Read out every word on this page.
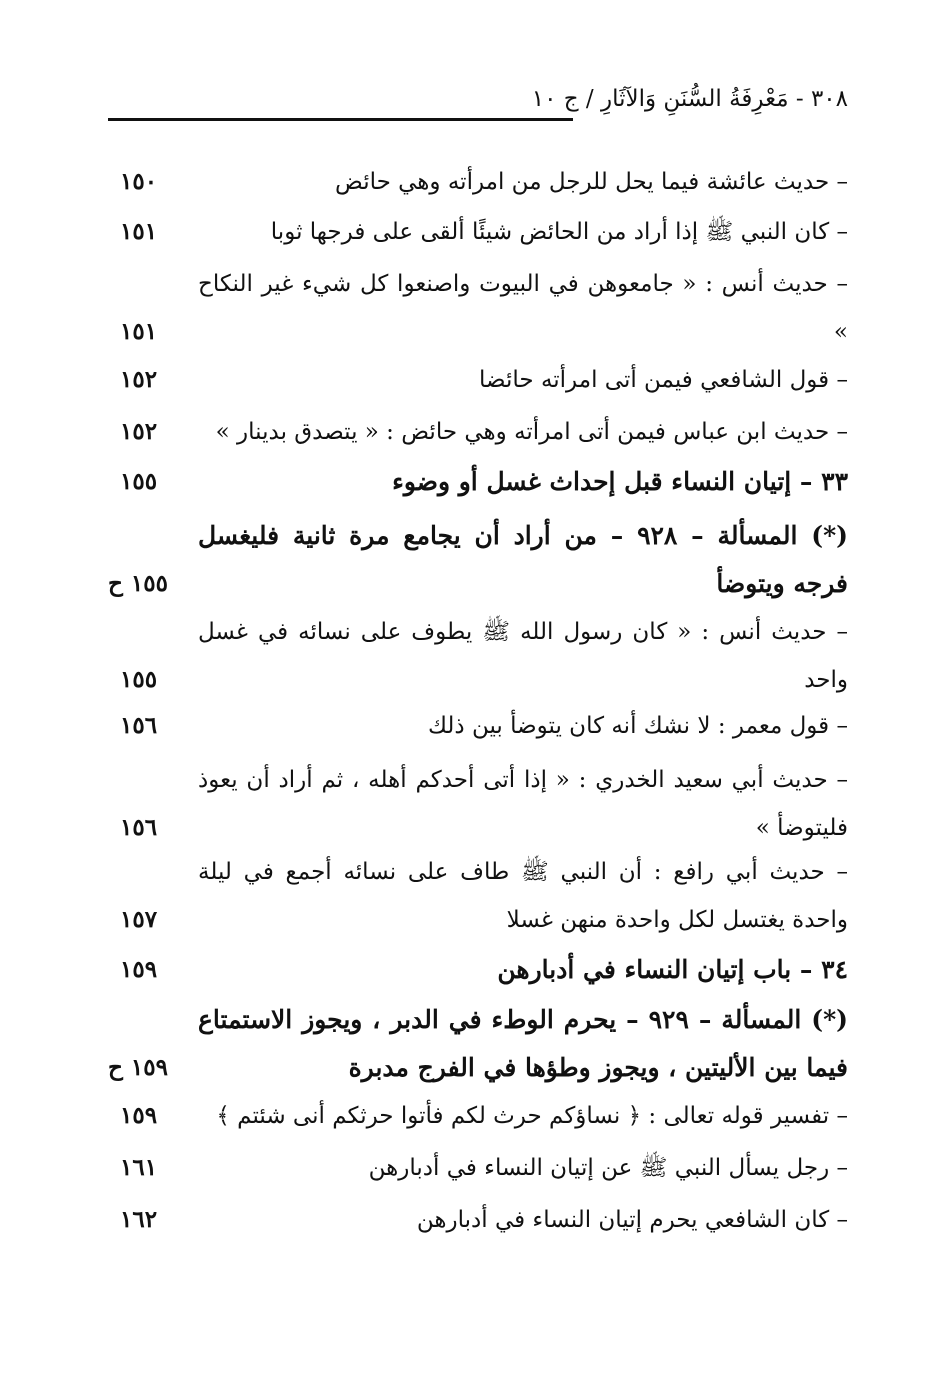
٣٠٨ - مَعْرِفَةُ السُّنَنِ وَالآثَارِ / ج ١٠
– حديث عائشة فيما يحل للرجل من امرأته وهي حائض
١٥٠
– كان النبي ﷺ إذا أراد من الحائض شيئًا ألقى على فرجها ثوبا
١٥١
– حديث أنس : « جامعوهن في البيوت واصنعوا كل شيء غير النكاح »
١٥١
– قول الشافعي فيمن أتى امرأته حائضا
١٥٢
– حديث ابن عباس فيمن أتى امرأته وهي حائض : « يتصدق بدينار »
١٥٢
٣٣ – إتيان النساء قبل إحداث غسل أو وضوء
١٥٥
(*) المسألة – ٩٢٨ – من أراد أن يجامع مرة ثانية فليغسل فرجه ويتوضأ
١٥٥ ح
– حديث أنس : « كان رسول الله ﷺ يطوف على نسائه في غسل واحد
١٥٥
– قول معمر : لا نشك أنه كان يتوضأ بين ذلك
١٥٦
– حديث أبي سعيد الخدري : « إذا أتى أحدكم أهله ، ثم أراد أن يعوذ فليتوضأ »
١٥٦
– حديث أبي رافع : أن النبي ﷺ طاف على نسائه أجمع في ليلة واحدة يغتسل لكل واحدة منهن غسلا
١٥٧
٣٤ – باب إتيان النساء في أدبارهن
١٥٩
(*) المسألة – ٩٢٩ – يحرم الوطء في الدبر ، ويجوز الاستمتاع فيما بين الأليتين ، ويجوز وطؤها في الفرج مدبرة
١٥٩ ح
– تفسير قوله تعالى : ﴿ نساؤكم حرث لكم فأتوا حرثكم أنى شئتم ﴾
١٥٩
– رجل يسأل النبي ﷺ عن إتيان النساء في أدبارهن
١٦١
– كان الشافعي يحرم إتيان النساء في أدبارهن
١٦٢
